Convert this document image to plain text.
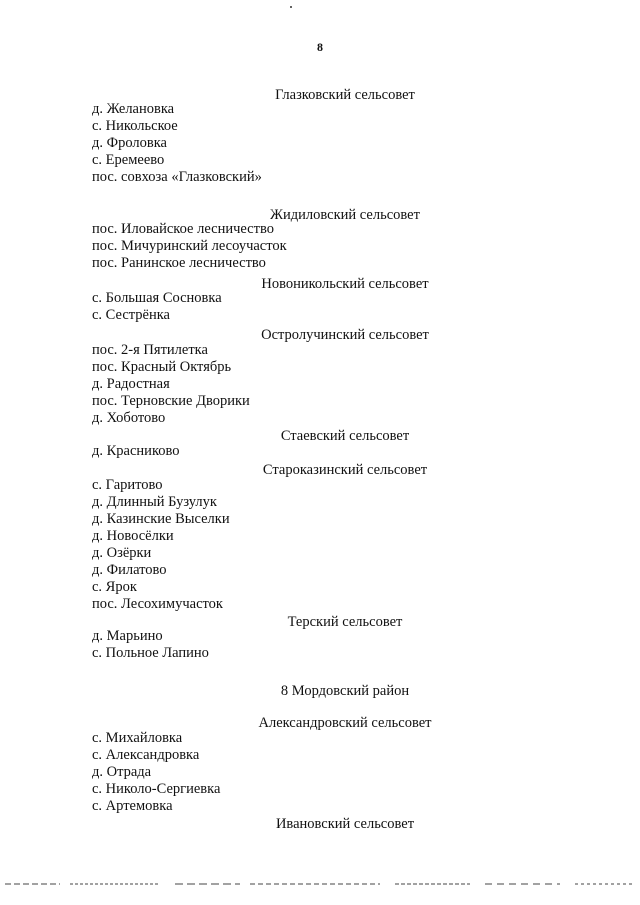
8
Глазковский сельсовет
д. Желановка
с. Никольское
д. Фроловка
с. Еремеево
пос. совхоза «Глазковский»
Жидиловский сельсовет
пос. Иловайское лесничество
пос. Мичуринский лесоучасток
пос. Ранинское лесничество
Новоникольский сельсовет
с. Большая Сосновка
с. Сестрёнка
Остролучинский сельсовет
пос. 2-я Пятилетка
пос. Красный Октябрь
д. Радостная
пос. Терновские Дворики
д. Хоботово
Стаевский сельсовет
д. Красниково
Староказинский сельсовет
с. Гаритово
д. Длинный Бузулук
д. Казинские Выселки
д. Новосёлки
д. Озёрки
д. Филатово
с. Ярок
пос. Лесохимучасток
Терский сельсовет
д. Марьино
с. Польное Лапино
8 Мордовский район
Александровский сельсовет
с. Михайловка
с. Александровка
д. Отрада
с. Николо-Сергиевка
с. Артемовка
Ивановский сельсовет
